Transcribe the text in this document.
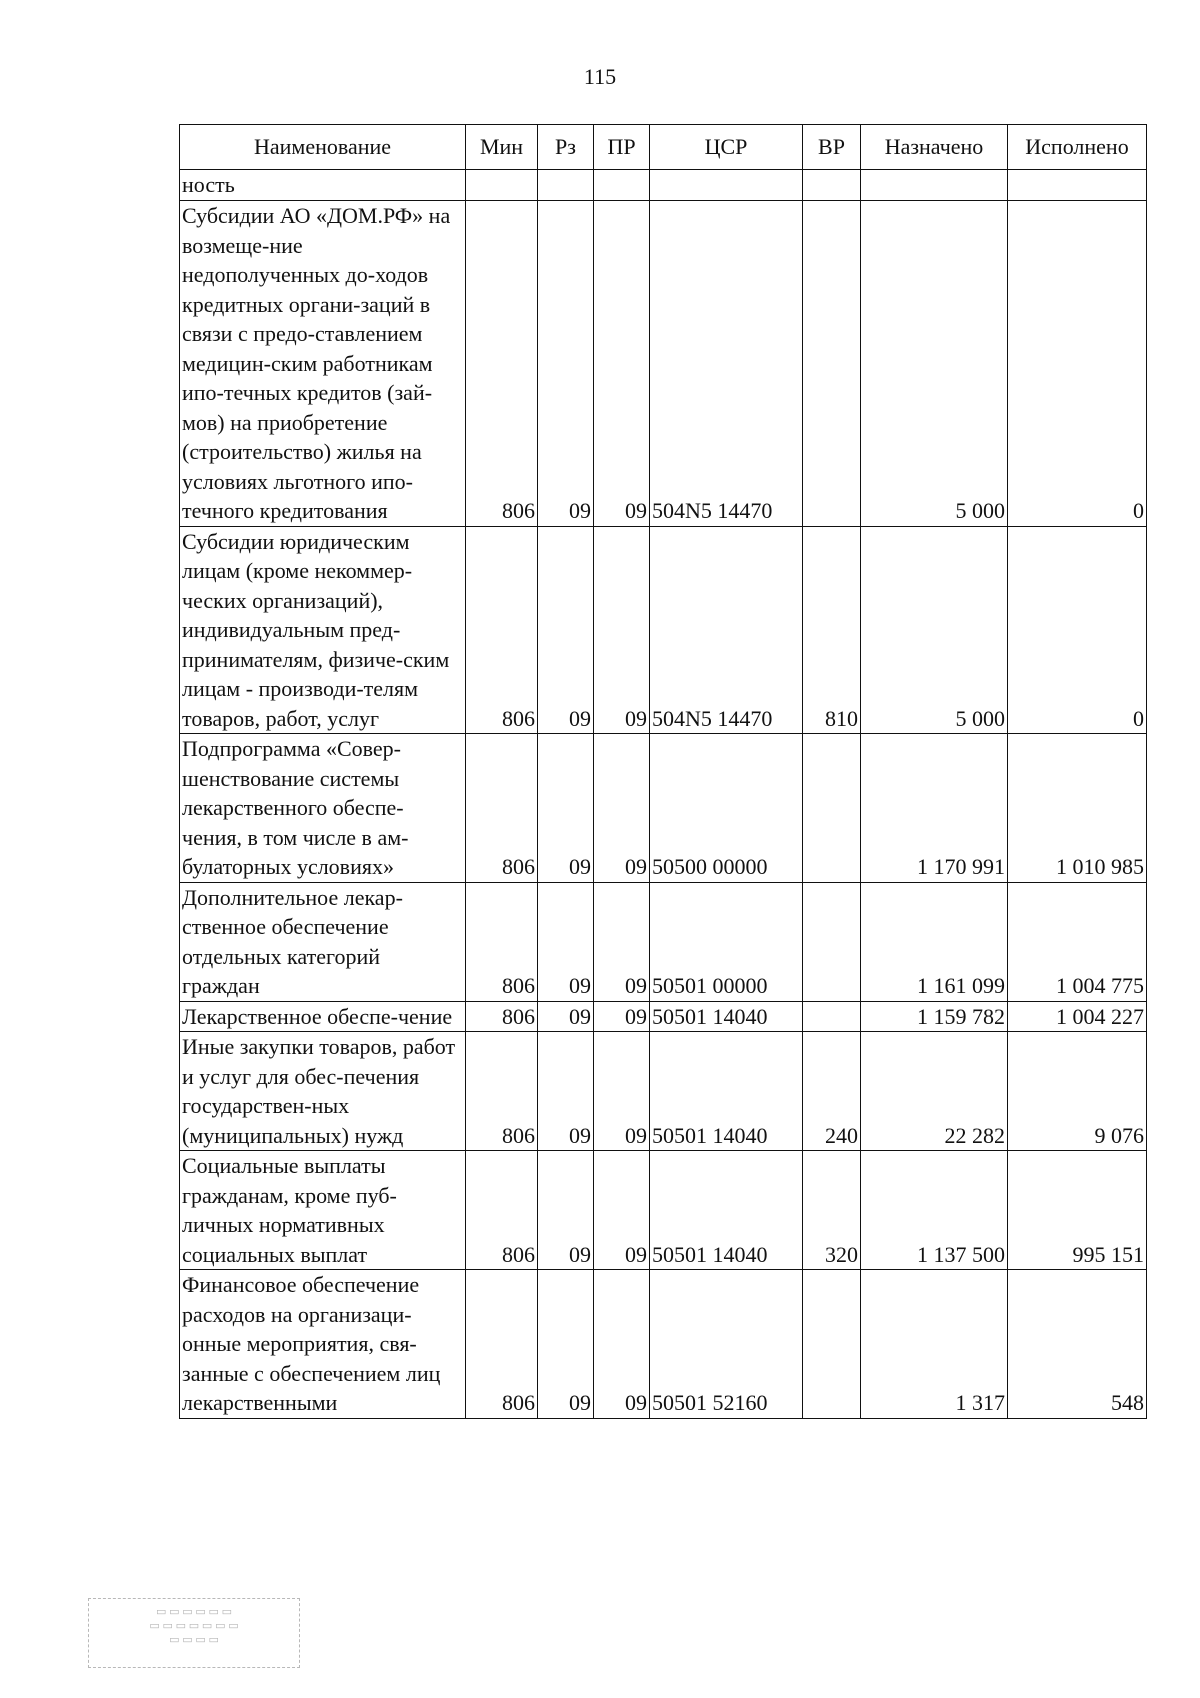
115
Наименование	Мин	Рз	ПР	ЦСР	ВР	Назначено	Исполнено
ность							
Субсидии АО «ДОМ.РФ» на возмеще-ние недополученных до-ходов кредитных органи-заций в связи с предо-ставлением медицин-ским работникам ипо-течных кредитов (зай-мов) на приобретение (строительство) жилья на условиях льготного ипо-течного кредитования	806	09	09	504N5 14470		5 000	0
Субсидии юридическим лицам (кроме некоммер-ческих организаций), индивидуальным пред-принимателям, физиче-ским лицам - производи-телям товаров, работ, услуг	806	09	09	504N5 14470	810	5 000	0
Подпрограмма «Совер-шенствование системы лекарственного обеспе-чения, в том числе в ам-булаторных условиях»	806	09	09	50500 00000		1 170 991	1 010 985
Дополнительное лекар-ственное обеспечение отдельных категорий граждан	806	09	09	50501 00000		1 161 099	1 004 775
Лекарственное обеспе-чение	806	09	09	50501 14040		1 159 782	1 004 227
Иные закупки товаров, работ и услуг для обес-печения государствен-ных (муниципальных) нужд	806	09	09	50501 14040	240	22 282	9 076
Социальные выплаты гражданам, кроме пуб-личных нормативных социальных выплат	806	09	09	50501 14040	320	1 137 500	995 151
Финансовое обеспечение расходов на организаци-онные мероприятия, свя-занные с обеспечением лиц лекарственными	806	09	09	50501 52160		1 317	548
▭ ▭ ▭ ▭ ▭ ▭
▭ ▭ ▭ ▭ ▭ ▭ ▭
▭ ▭ ▭ ▭
